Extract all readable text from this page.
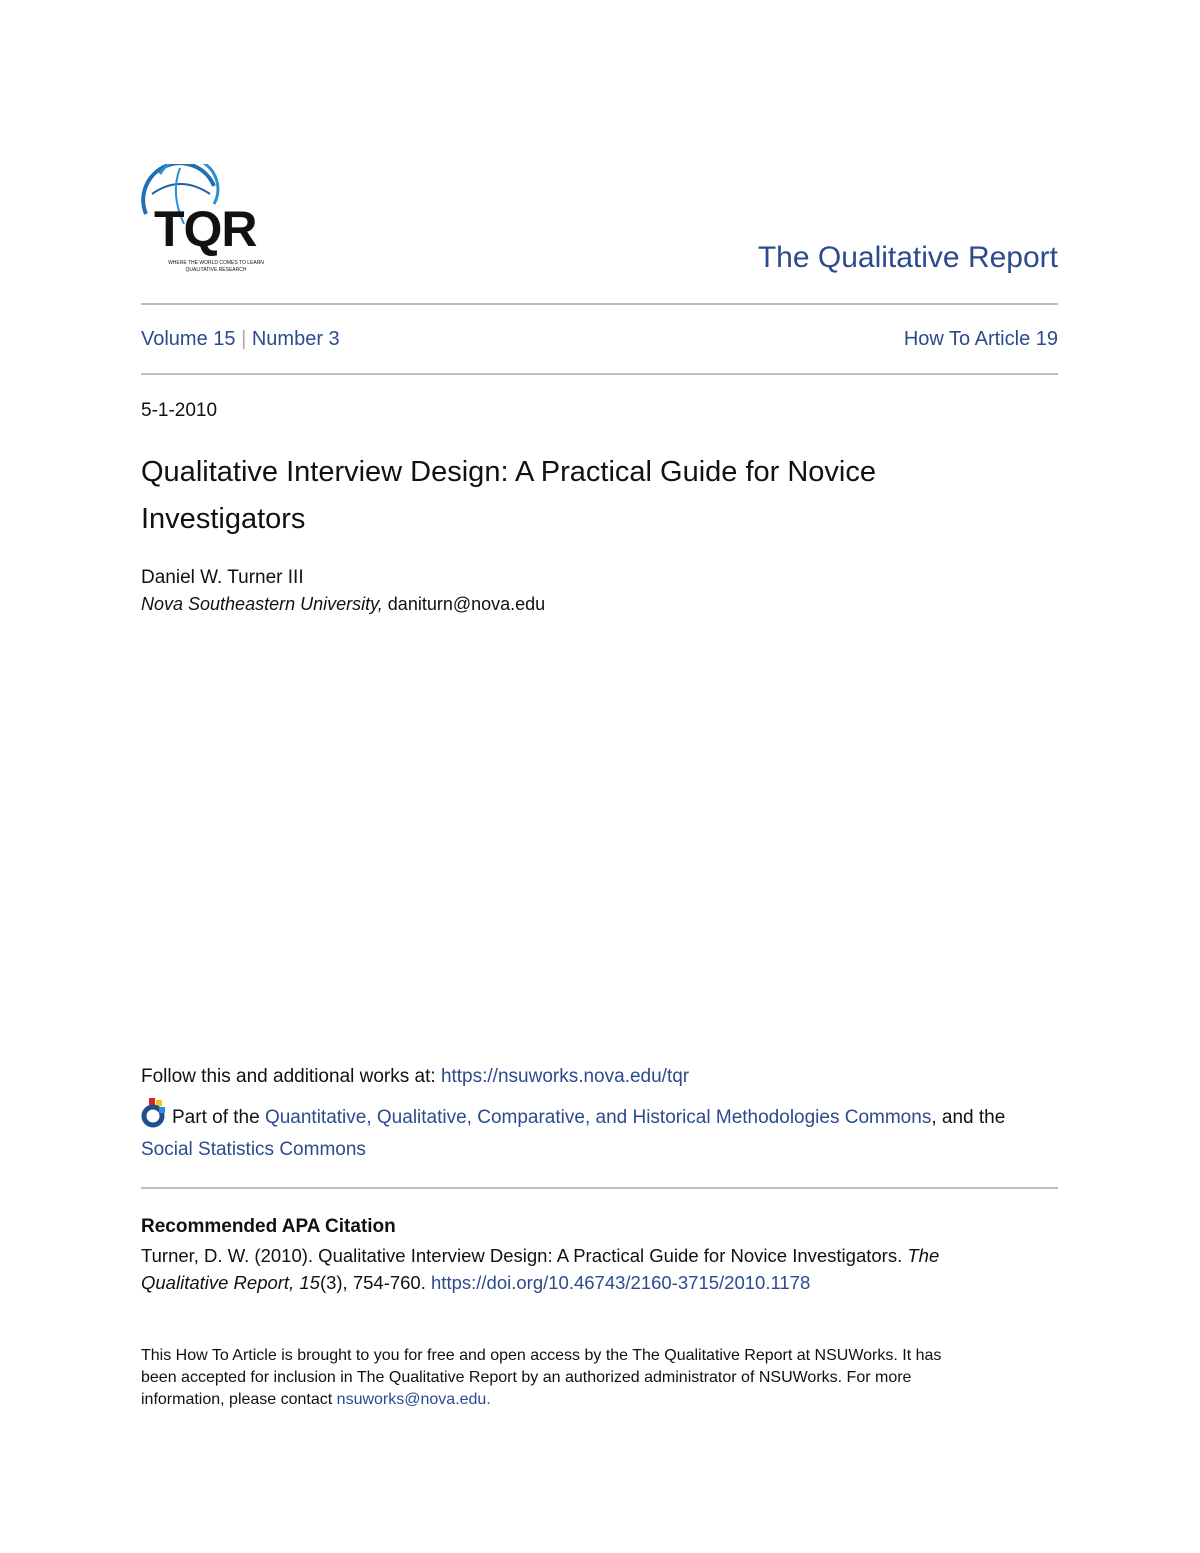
TQR
WHERE THE WORLD COMES TO LEARN QUALITATIVE RESEARCH	The Qualitative Report
Volume 15 | Number 3	How To Article 19
5-1-2010
Qualitative Interview Design: A Practical Guide for Novice
Investigators
Daniel W. Turner III
Nova Southeastern University, daniturn@nova.edu
Follow this and additional works at: https://nsuworks.nova.edu/tqr
Part of the Quantitative, Qualitative, Comparative, and Historical Methodologies Commons, and the
Social Statistics Commons
Recommended APA Citation
Turner, D. W. (2010). Qualitative Interview Design: A Practical Guide for Novice Investigators. The
Qualitative Report, 15(3), 754-760. https://doi.org/10.46743/2160-3715/2010.1178
This How To Article is brought to you for free and open access by the The Qualitative Report at NSUWorks. It has
been accepted for inclusion in The Qualitative Report by an authorized administrator of NSUWorks. For more
information, please contact nsuworks@nova.edu.
